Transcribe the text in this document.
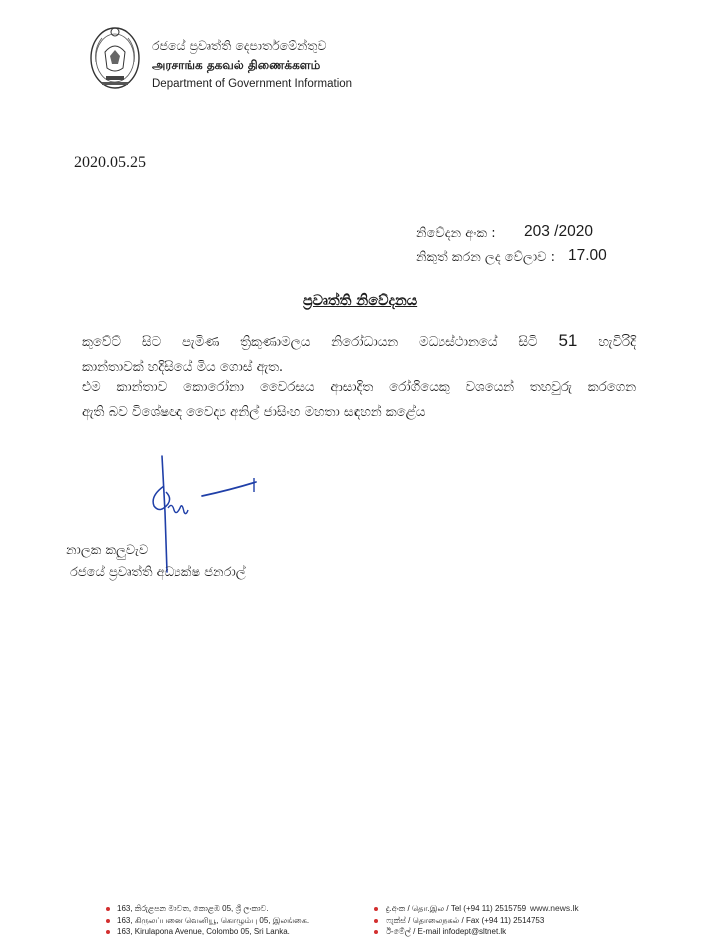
රජයේ ප්‍රවෘත්ති දෙපාර්තමේන්තුව
அரசாங்க தகவல் திணைக்களம்
Department of Government Information
2020.05.25
නිවේදන අංක : 203 /2020
නිකුත් කරන ලද වේලාව : 17.00
ප්‍රවෘත්ති නිවේදනය
කුවේට් සිට පැමිණ ත්‍රිකුණාමලය නිරෝධායන මධ්‍යස්ථානයේ සිටි 51 හැවිරිදි
කාන්තාවක් හදිසියේ මිය ගොස් ඇත.
එම කාන්තාව කොරෝනා වෛරසය ආසාදිත රෝගියෙකු වශයෙන් තහවුරු කරගෙන
ඇති බව විශේෂඥ වෛද්‍ය අනිල් ජාසිංහ මහතා සඳහන් කළේය
නාලක කලුවැව
රජයේ ප්‍රවෘත්ති අධ්‍යක්ෂ ජනරාල්
163, කිරුළපන මාවත, කොළඹ 05, ශ්‍රී ලංකාව.
163, கிருலப்பனை வெனியூ, கொழும்பு 05, இலங்கை.
163, Kirulapona Avenue, Colombo 05, Sri Lanka.
දු.අංක / தொ.இல / Tel (+94 11) 2515759
ෆැක්ස් / தொலைநகல் / Fax (+94 11) 2514753
ඊ-මේල් / E-mail infodept@sltnet.lk
www.news.lk
